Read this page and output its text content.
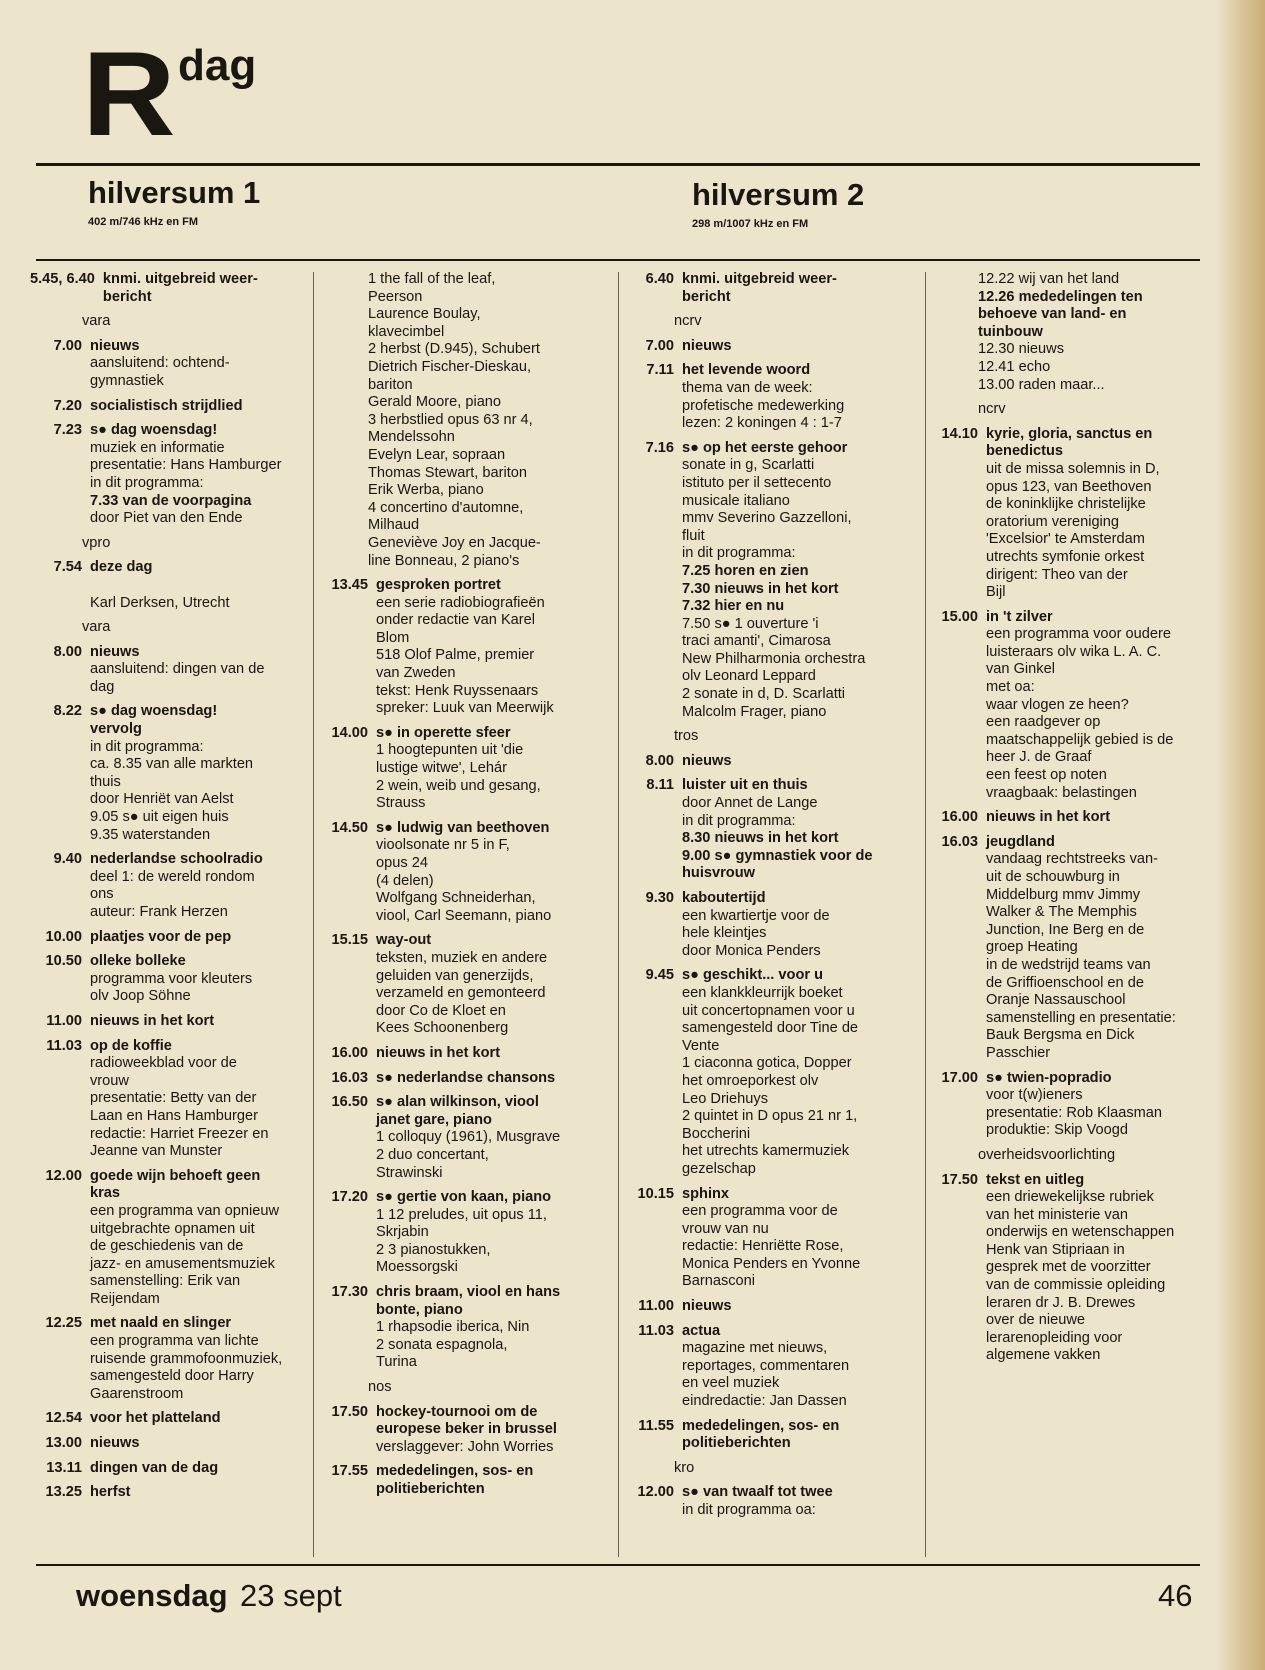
R dag
hilversum 1
402 m/746 kHz en FM
hilversum 2
298 m/1007 kHz en FM
5.45, 6.40 knmi. uitgebreid weer-
bericht
vara
7.00 nieuws
aansluitend: ochtend-
gymnastiek
7.20 socialistisch strijdlied
7.23 s● dag woensdag!
muziek en informatie
presentatie: Hans Hamburger
in dit programma:
7.33 van de voorpagina
door Piet van den Ende
vpro
7.54 deze dag

Karl Derksen, Utrecht
vara
8.00 nieuws
aansluitend: dingen van de
dag
8.22 s● dag woensdag!
vervolg
in dit programma:
ca. 8.35 van alle markten
thuis
door Henriët van Aelst
9.05 s● uit eigen huis
9.35 waterstanden
9.40 nederlandse schoolradio
deel 1: de wereld rondom
ons
auteur: Frank Herzen
10.00 plaatjes voor de pep
10.50 olleke bolleke
programma voor kleuters
olv Joop Söhne
11.00 nieuws in het kort
11.03 op de koffie
radioweekblad voor de
vrouw
presentatie: Betty van der
Laan en Hans Hamburger
redactie: Harriet Freezer en
Jeanne van Munster
12.00 goede wijn behoeft geen
kras
een programma van opnieuw
uitgebrachte opnamen uit
de geschiedenis van de
jazz- en amusementsmuziek
samenstelling: Erik van
Reijendam
12.25 met naald en slinger
een programma van lichte
ruisende grammofoonmuziek,
samengesteld door Harry
Gaarenstroom
12.54 voor het platteland
13.00 nieuws
13.11 dingen van de dag
13.25 herfst
1 the fall of the leaf,
Peerson
Laurence Boulay,
klavecimbel
2 herbst (D.945), Schubert
Dietrich Fischer-Dieskau,
bariton
Gerald Moore, piano
3 herbstlied opus 63 nr 4,
Mendelssohn
Evelyn Lear, sopraan
Thomas Stewart, bariton
Erik Werba, piano
4 concertino d'automne,
Milhaud
Geneviève Joy en Jacque-
line Bonneau, 2 piano's
13.45 gesproken portret
een serie radiobiografieën
onder redactie van Karel
Blom
518 Olof Palme, premier
van Zweden
tekst: Henk Ruyssenaars
spreker: Luuk van Meerwijk
14.00 s● in operette sfeer
1 hoogtepunten uit 'die
lustige witwe', Lehár
2 wein, weib und gesang,
Strauss
14.50 s● ludwig van beethoven
vioolsonate nr 5 in F,
opus 24
(4 delen)
Wolfgang Schneiderhan,
viool, Carl Seemann, piano
15.15 way-out
teksten, muziek en andere
geluiden van generzijds,
verzameld en gemonteerd
door Co de Kloet en
Kees Schoonenberg
16.00 nieuws in het kort
16.03 s● nederlandse chansons
16.50 s● alan wilkinson, viool
janet gare, piano
1 colloquy (1961), Musgrave
2 duo concertant,
Strawinski
17.20 s● gertie von kaan, piano
1 12 preludes, uit opus 11,
Skrjabin
2 3 pianostukken,
Moessorgski
17.30 chris braam, viool en hans
bonte, piano
1 rhapsodie iberica, Nin
2 sonata espagnola,
Turina
nos
17.50 hockey-tournooi om de
europese beker in brussel
verslaggever: John Worries
17.55 mededelingen, sos- en
politieberichten
6.40 knmi. uitgebreid weer-
bericht
ncrv
7.00 nieuws
7.11 het levende woord
thema van de week:
profetische medewerking
lezen: 2 koningen 4 : 1-7
7.16 s● op het eerste gehoor
sonate in g, Scarlatti
istituto per il settecento
musicale italiano
mmv Severino Gazzelloni,
fluit
in dit programma:
7.25 horen en zien
7.30 nieuws in het kort
7.32 hier en nu
7.50 s● 1 ouverture 'i
traci amanti', Cimarosa
New Philharmonia orchestra
olv Leonard Leppard
2 sonate in d, D. Scarlatti
Malcolm Frager, piano
tros
8.00 nieuws
8.11 luister uit en thuis
door Annet de Lange
in dit programma:
8.30 nieuws in het kort
9.00 s● gymnastiek voor de
huisvrouw
9.30 kaboutertijd
een kwartiertje voor de
hele kleintjes
door Monica Penders
9.45 s● geschikt... voor u
een klankkleurrijk boeket
uit concertopnamen voor u
samengesteld door Tine de
Vente
1 ciaconna gotica, Dopper
het omroeporkest olv
Leo Driehuys
2 quintet in D opus 21 nr 1,
Boccherini
het utrechts kamermuziek
gezelschap
10.15 sphinx
een programma voor de
vrouw van nu
redactie: Henriëtte Rose,
Monica Penders en Yvonne
Barnasconi
11.00 nieuws
11.03 actua
magazine met nieuws,
reportages, commentaren
en veel muziek
eindredactie: Jan Dassen
11.55 mededelingen, sos- en
politieberichten
kro
12.00 s● van twaalf tot twee
in dit programma oa:
12.22 wij van het land
12.26 mededelingen ten
behoeve van land- en
tuinbouw
12.30 nieuws
12.41 echo
13.00 raden maar...
ncrv
14.10 kyrie, gloria, sanctus en
benedictus
uit de missa solemnis in D,
opus 123, van Beethoven
de koninklijke christelijke
oratorium vereniging
'Excelsior' te Amsterdam
utrechts symfonie orkest
dirigent: Theo van der
Bijl
15.00 in 't zilver
een programma voor oudere
luisteraars olv wika L. A. C.
van Ginkel
met oa:
waar vlogen ze heen?
een raadgever op
maatschappelijk gebied is de
heer J. de Graaf
een feest op noten
vraagbaak: belastingen
16.00 nieuws in het kort
16.03 jeugdland
vandaag rechtstreeks van-
uit de schouwburg in
Middelburg mmv Jimmy
Walker & The Memphis
Junction, Ine Berg en de
groep Heating
in de wedstrijd teams van
de Griffioenschool en de
Oranje Nassauschool
samenstelling en presentatie:
Bauk Bergsma en Dick
Passchier
17.00 s● twien-popradio
voor t(w)ieners
presentatie: Rob Klaasman
produktie: Skip Voogd
overheidsvoorlichting
17.50 tekst en uitleg
een driewekelijkse rubriek
van het ministerie van
onderwijs en wetenschappen
Henk van Stipriaan in
gesprek met de voorzitter
van de commissie opleiding
leraren dr J. B. Drewes
over de nieuwe
lerarenopleiding voor
algemene vakken
woensdag 23 sept	46
